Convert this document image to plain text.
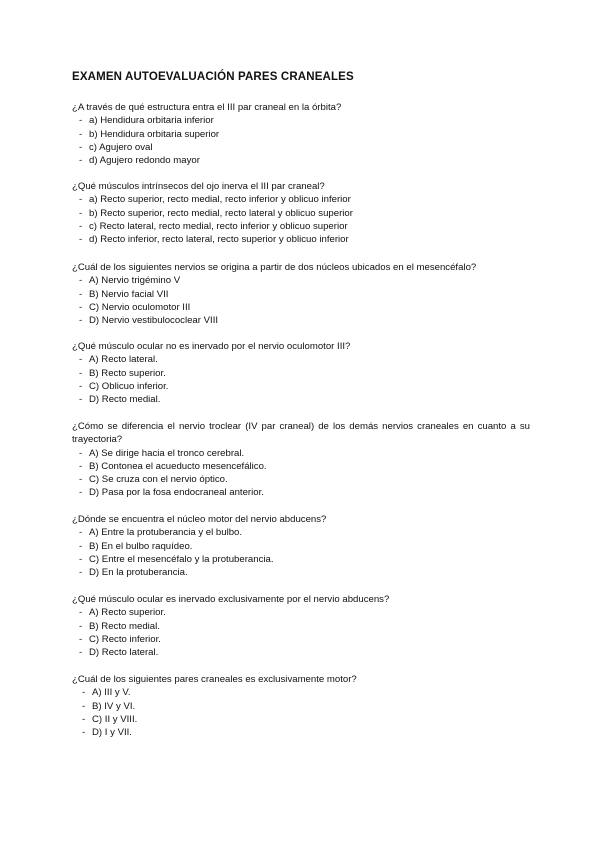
EXAMEN AUTOEVALUACIÓN PARES CRANEALES
¿A través de qué estructura entra el III par craneal en la órbita?
- a) Hendidura orbitaria inferior
- b) Hendidura orbitaria superior
- c) Agujero oval
- d) Agujero redondo mayor
¿Qué músculos intrínsecos del ojo inerva el III par craneal?
- a) Recto superior, recto medial, recto inferior y oblicuo inferior
- b) Recto superior, recto medial, recto lateral y oblicuo superior
- c) Recto lateral, recto medial, recto inferior y oblicuo superior
- d) Recto inferior, recto lateral, recto superior y oblicuo inferior
¿Cuál de los siguientes nervios se origina a partir de dos núcleos ubicados en el mesencéfalo?
- A) Nervio trigémino V
- B) Nervio facial VII
- C) Nervio oculomotor III
- D) Nervio vestibulococlear VIII
¿Qué músculo ocular no es inervado por el nervio oculomotor III?
- A) Recto lateral.
- B) Recto superior.
- C) Oblicuo inferior.
- D) Recto medial.
¿Cómo se diferencia el nervio troclear (IV par craneal) de los demás nervios craneales en cuanto a su trayectoria?
- A) Se dirige hacia el tronco cerebral.
- B) Contonea el acueducto mesencefálico.
- C) Se cruza con el nervio óptico.
- D) Pasa por la fosa endocraneal anterior.
¿Dónde se encuentra el núcleo motor del nervio abducens?
- A) Entre la protuberancia y el bulbo.
- B) En el bulbo raquídeo.
- C) Entre el mesencéfalo y la protuberancia.
- D) En la protuberancia.
¿Qué músculo ocular es inervado exclusivamente por el nervio abducens?
- A) Recto superior.
- B) Recto medial.
- C) Recto inferior.
- D) Recto lateral.
¿Cuál de los siguientes pares craneales es exclusivamente motor?
- A) III y V.
- B) IV y VI.
- C) II y VIII.
- D) I y VII.
